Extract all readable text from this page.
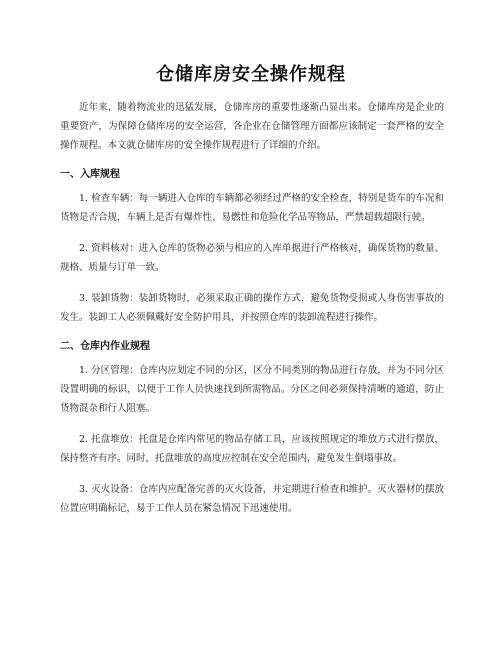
仓储库房安全操作规程

近年来，随着物流业的迅猛发展，仓储库房的重要性逐渐凸显出来。仓储库房是企业的重要资产，为保障仓储库房的安全运营，各企业在仓储管理方面都应该制定一套严格的安全操作规程。本文就仓储库房的安全操作规程进行了详细的介绍。

一、入库规程

1. 检查车辆：每一辆进入仓库的车辆都必须经过严格的安全检查，特别是货车的车况和货物是否合规，车辆上是否有爆炸性、易燃性和危险化学品等物品，严禁超载超限行驶。

2. 资料核对：进入仓库的货物必须与相应的入库单据进行严格核对，确保货物的数量、规格、质量与订单一致。

3. 装卸货物：装卸货物时，必须采取正确的操作方式，避免货物受损或人身伤害事故的发生。装卸工人必须佩戴好安全防护用具，并按照仓库的装卸流程进行操作。

二、仓库内作业规程

1. 分区管理：仓库内应划定不同的分区，区分不同类别的物品进行存放，并为不同分区设置明确的标识，以便于工作人员快速找到所需物品。分区之间必须保持清晰的通道，防止货物混杂和行人阻塞。

2. 托盘堆放：托盘是仓库内常见的物品存储工具，应该按照规定的堆放方式进行摆放，保持整齐有序。同时，托盘堆放的高度应控制在安全范围内，避免发生倒塌事故。

3. 灭火设备：仓库内应配备完善的灭火设备，并定期进行检查和维护。灭火器材的摆放位置应明确标记，易于工作人员在紧急情况下迅速使用。
